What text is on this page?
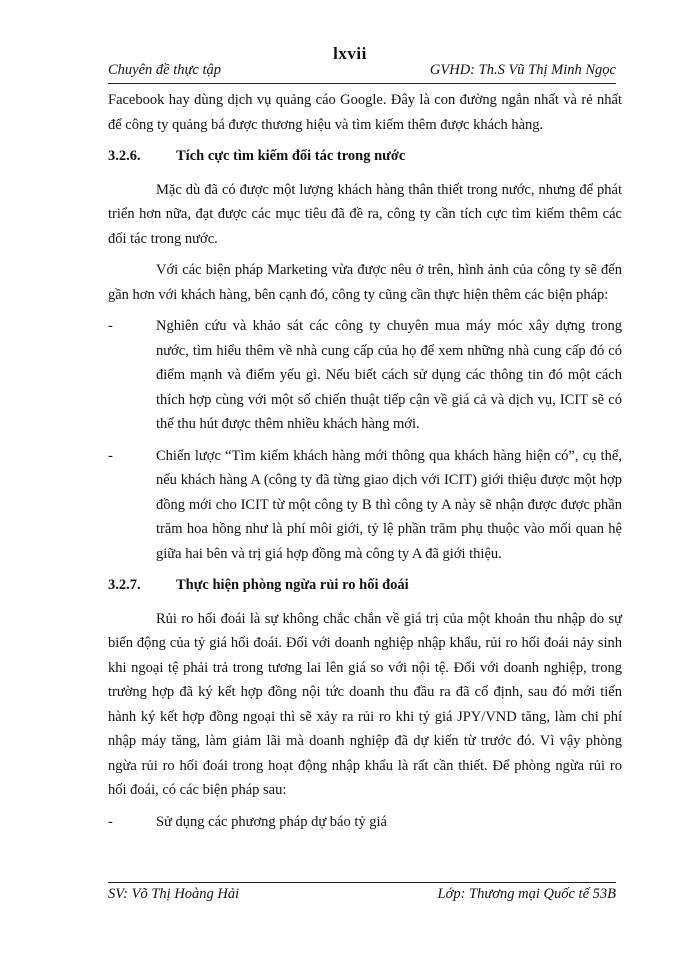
lxvii
Chuyên đề thực tập	GVHD: Th.S Vũ Thị Minh Ngọc

Facebook hay dùng dịch vụ quảng cáo Google. Đây là con đường ngắn nhất và rẻ nhất để công ty quảng bá được thương hiệu và tìm kiếm thêm được khách hàng.

3.2.6.	Tích cực tìm kiếm đối tác trong nước

Mặc dù đã có được một lượng khách hàng thân thiết trong nước, nhưng để phát triển hơn nữa, đạt được các mục tiêu đã đề ra, công ty cần tích cực tìm kiếm thêm các đối tác trong nước.

Với các biện pháp Marketing vừa được nêu ở trên, hình ảnh của công ty sẽ đến gần hơn với khách hàng, bên cạnh đó, công ty cũng cần thực hiện thêm các biện pháp:

-	Nghiên cứu và khảo sát các công ty chuyên mua máy móc xây dựng trong nước, tìm hiểu thêm về nhà cung cấp của họ để xem những nhà cung cấp đó có điểm mạnh và điểm yếu gì. Nếu biết cách sử dụng các thông tin đó một cách thích hợp cùng với một số chiến thuật tiếp cận về giá cả và dịch vụ, ICIT sẽ có thể thu hút được thêm nhiều khách hàng mới.
-	Chiến lược “Tìm kiếm khách hàng mới thông qua khách hàng hiện có”, cụ thể, nếu khách hàng A (công ty đã từng giao dịch với ICIT) giới thiệu được một hợp đồng mới cho ICIT từ một công ty B thì công ty A này sẽ nhận được được phần trăm hoa hồng như là phí môi giới, tỷ lệ phần trăm phụ thuộc vào mối quan hệ giữa hai bên và trị giá hợp đồng mà công ty A đã giới thiệu.
3.2.7.	Thực hiện phòng ngừa rủi ro hối đoái

Rủi ro hối đoái là sự không chắc chắn về giá trị của một khoản thu nhập do sự biến động của tỷ giá hối đoái. Đối với doanh nghiệp nhập khẩu, rủi ro hối đoái nảy sinh khi ngoại tệ phải trả trong tương lai lên giá so với nội tệ. Đối với doanh nghiệp, trong trường hợp đã ký kết hợp đồng nội tức doanh thu đầu ra đã cố định, sau đó mới tiến hành ký kết hợp đồng ngoại thì sẽ xảy ra rủi ro khi tỷ giá JPY/VND tăng, làm chi phí nhập máy tăng, làm giảm lãi mà doanh nghiệp đã dự kiến từ trước đó. Vì vậy phòng ngừa rủi ro hối đoái trong hoạt động nhập khẩu là rất cần thiết. Để phòng ngừa rủi ro hối đoái, có các biện pháp sau:

-	Sử dụng các phương pháp dự báo tỷ giá
SV: Võ Thị Hoàng Hải	Lớp: Thương mại Quốc tế 53B
